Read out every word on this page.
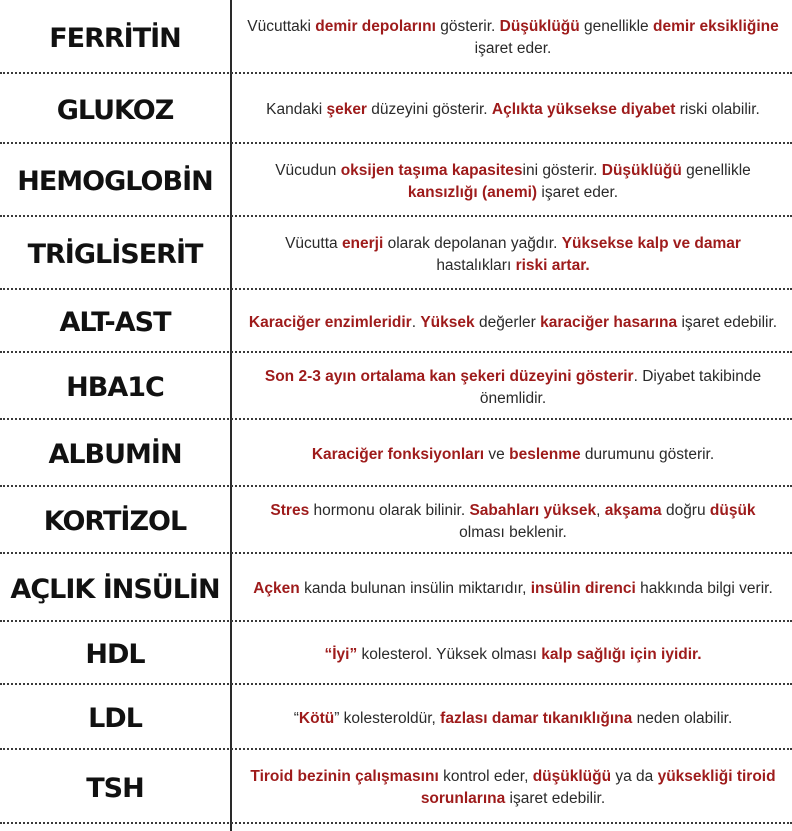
FERRİTİN	Vücuttaki demir depolarını gösterir. Düşüklüğü genellikle demir eksikliğine işaret eder.
GLUKOZ	Kandaki şeker düzeyini gösterir. Açlıkta yüksekse diyabet riski olabilir.
HEMOGLOBİN	Vücudun oksijen taşıma kapasitesini gösterir. Düşüklüğü genellikle kansızlığı (anemi) işaret eder.
TRİGLİSERİT	Vücutta enerji olarak depolanan yağdır. Yüksekse kalp ve damar hastalıkları riski artar.
ALT-AST	Karaciğer enzimleridir. Yüksek değerler karaciğer hasarına işaret edebilir.
HBA1C	Son 2-3 ayın ortalama kan şekeri düzeyini gösterir. Diyabet takibinde önemlidir.
ALBUMİN	Karaciğer fonksiyonları ve beslenme durumunu gösterir.
KORTİZOL	Stres hormonu olarak bilinir. Sabahları yüksek, akşama doğru düşük olması beklenir.
AÇLIK İNSÜLİN	Açken kanda bulunan insülin miktarıdır, insülin direnci hakkında bilgi verir.
HDL	“İyi” kolesterol. Yüksek olması kalp sağlığı için iyidir.
LDL	“Kötü” kolesteroldür, fazlası damar tıkanıklığına neden olabilir.
TSH	Tiroid bezinin çalışmasını kontrol eder, düşüklüğü ya da yüksekliği tiroid sorunlarına işaret edebilir.
